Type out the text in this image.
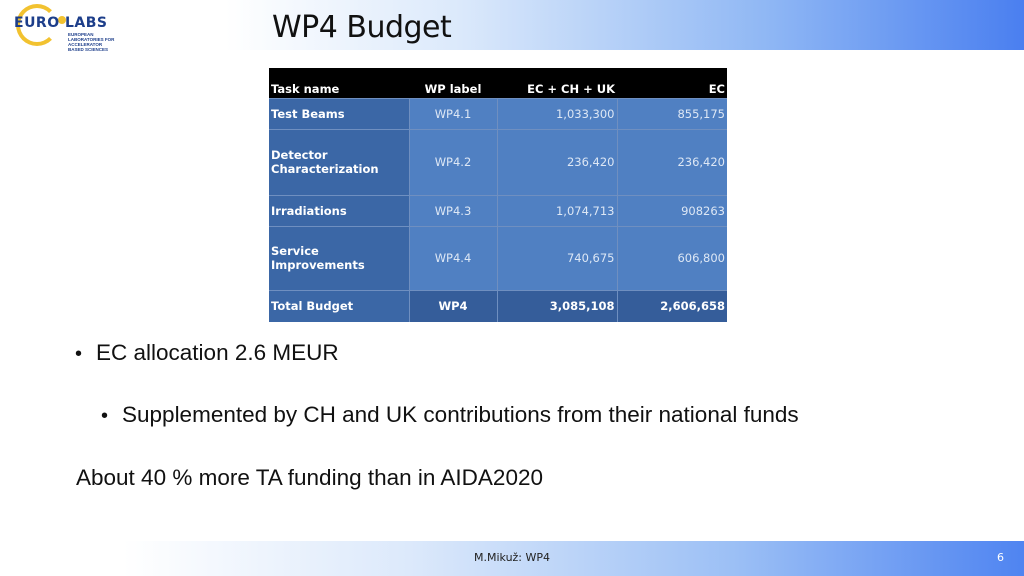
EURO LABS
EUROPEAN LABORATORIES FOR ACCELERATOR BASED SCIENCES
WP4 Budget
Task name	WP label	EC + CH + UK	EC
Test Beams	WP4.1	1,033,300	855,175
Detector Characterization	WP4.2	236,420	236,420
Irradiations	WP4.3	1,074,713	908263
Service Improvements	WP4.4	740,675	606,800
Total Budget	WP4	3,085,108	2,606,658
• EC allocation 2.6 MEUR
• Supplemented by CH and UK contributions from their national funds
About 40 % more TA funding than in AIDA2020
M.Mikuž: WP4	6
